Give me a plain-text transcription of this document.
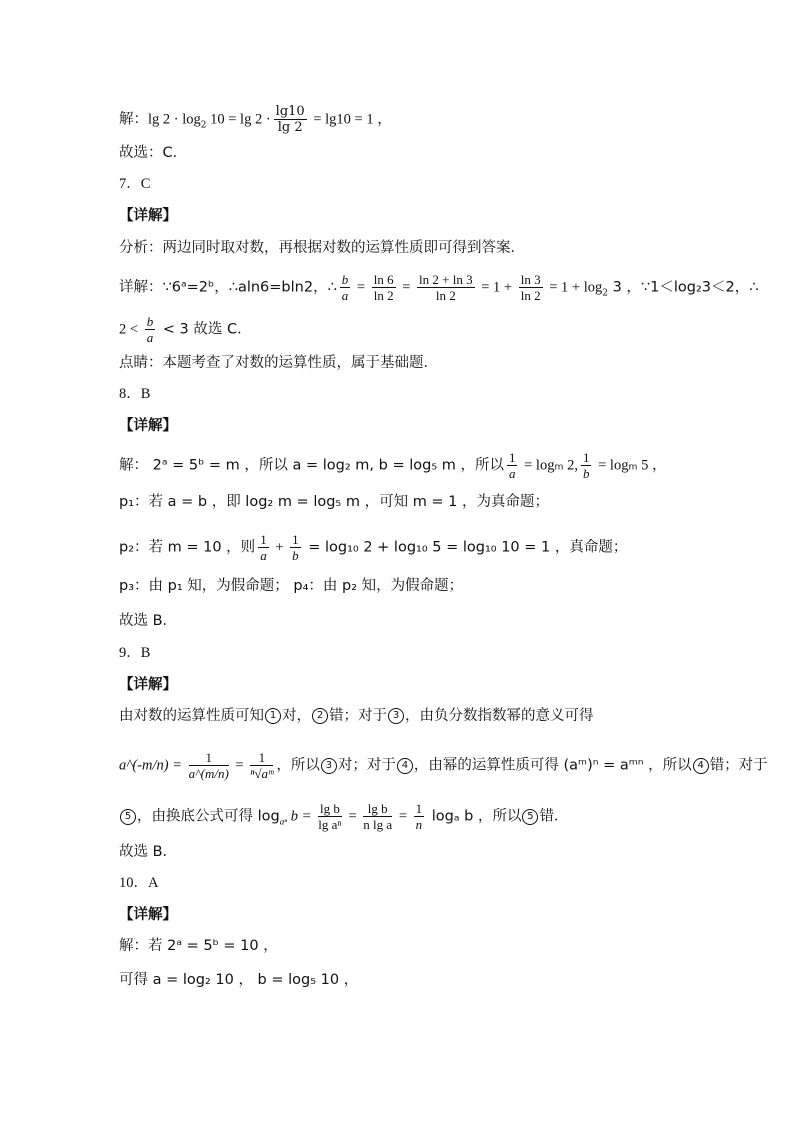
解：$\lg 2 \cdot \log_2 10 = \lg 2 \cdot \frac{\lg 10}{\lg 2} = \lg 10 = 1$ ，
故选：C．
7．C
【详解】
分析：两边同时取对数，再根据对数的运算性质即可得到答案．
详解：∵6ᵃ=2ᵇ，∴aln6=bln2，∴ $\frac{b}{a} = \frac{\ln 6}{\ln 2} = \frac{\ln 2 + \ln 3}{\ln 2} = 1 + \frac{\ln 3}{\ln 2} = 1 + \log_2 3$ ，∵1＜log₂3＜2，∴
$2 < \frac{b}{a} < 3$ 故选 C．
点睛：本题考查了对数的运算性质，属于基础题．
8．B
【详解】
解： 2ᵃ = 5ᵇ = m ，所以 a = log₂ m, b = log₅ m ，所以 $\frac{1}{a} = \log_m$ 2, $\frac{1}{b} = \log_m$ 5 ，
p₁：若 a = b ，即 log₂ m = log₅ m ，可知 m = 1 ，为真命题；
p₂：若 m = 10 ，则 $\frac{1}{a} + \frac{1}{b} = \log_{10}$ 2 + log₁₀ 5 = log₁₀ 10 = 1 ，真命题；
p₃：由 p₁ 知，为假命题； p₄：由 p₂ 知，为假命题；
故选 B．
9．B
【详解】
由对数的运算性质可知 1 对， 2 错；对于 3 ，由负分数指数幂的意义可得
a^(-m/n) = $\frac{1}{a\^{}(m/n)} = \frac{1}{\text{ⁿ√aᵐ}}$ ，所以 3 对；对于 4 ，由幂的运算性质可得 (aᵐ)ⁿ = aᵐⁿ ，所以 4 错；对于
5 ，由换底公式可得 $\log_{a^n} b = \frac{\text{lg b}}{\text{lg aⁿ}} = \frac{\text{lg b}}{\text{n lg a}} = \frac{1}{n}$ logₐ b ，所以 5 错．
故选 B．
10．A
【详解】
解：若 2ᵃ = 5ᵇ = 10 ，
可得 a = log₂ 10 ， b = log₅ 10 ，
